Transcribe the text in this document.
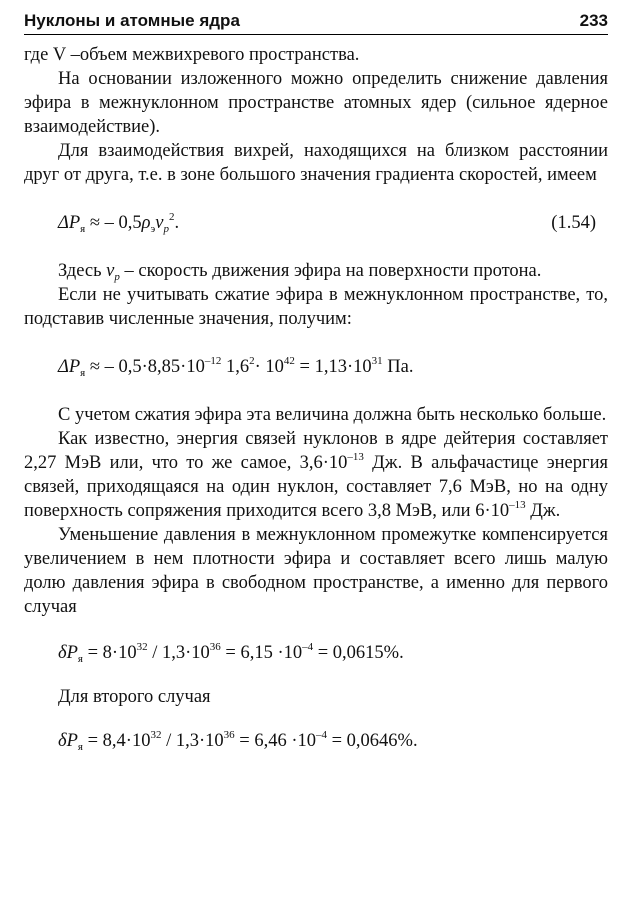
Нуклоны и атомные ядра	233

где V –объем межвихревого пространства.

На основании изложенного можно определить снижение давления эфира в межнуклонном пространстве атомных ядер (сильное ядерное взаимодействие).

Для взаимодействия вихрей, находящихся на близком расстоянии друг от друга, т.е. в зоне большого значения градиента скоростей, имеем

$\Delta P_я$ ≈ – $0,5\rho_эv_p^2$.	(1.54)

Здесь $v_p$ – скорость движения эфира на поверхности протона.

Если не учитывать сжатие эфира в межнуклонном пространстве, то, подставив численные значения, получим:

$\Delta P_я$ ≈ – $0,5\cdot 8,85\cdot 10^{-12}$ $1,6^2\cdot 10^{42} = 1,13\cdot 10^{31}$ Па.

С учетом сжатия эфира эта величина должна быть несколько больше.

Как известно, энергия связей нуклонов в ядре дейтерия составляет 2,27 МэВ или, что то же самое, $3,6\cdot 10^{-13}$ Дж. В альфачастице энергия связей, приходящаяся на один нуклон, составляет 7,6 МэВ, но на одну поверхность сопряжения приходится всего 3,8 МэВ, или $6\cdot 10^{-13}$ Дж.

Уменьшение давления в межнуклонном промежутке компенсируется увеличением в нем плотности эфира и составляет всего лишь малую долю давления эфира в свободном пространстве, а именно для первого случая

$\delta P_я = 8\cdot 10^{32} / 1,3\cdot 10^{36} = 6,15 \cdot 10^{-4} = 0,0615\%$.

Для второго случая

$\delta P_я = 8,4\cdot 10^{32} / 1,3\cdot 10^{36} = 6,46 \cdot 10^{-4} = 0,0646\%$.
